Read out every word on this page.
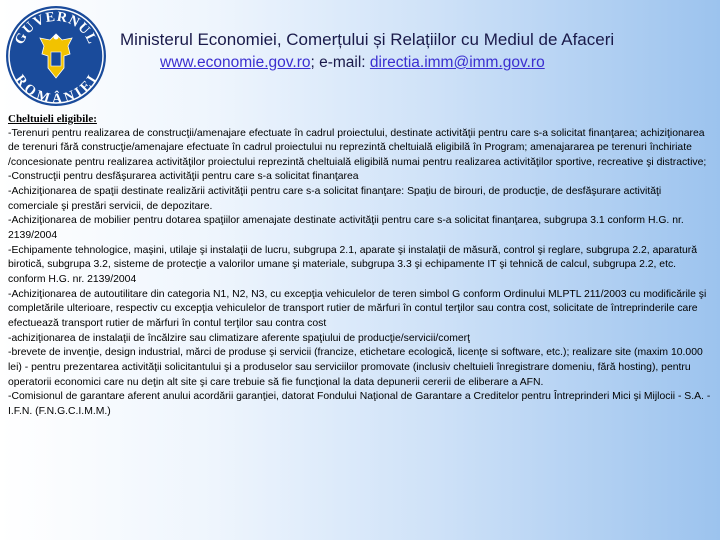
GUVERNUL
ROMÂNIEI
Ministerul Economiei, Comerțului și Relațiilor cu Mediul de Afaceri
www.economie.gov.ro; e-mail: directia.imm@imm.gov.ro
Cheltuieli eligibile:

-Terenuri pentru realizarea de construcţii/amenajare efectuate în cadrul proiectului, destinate activităţii pentru care s-a solicitat finanţarea; achiziţionarea de terenuri fără construcţie/amenajare efectuate în cadrul proiectului nu reprezintă cheltuială eligibilă în Program; amenajararea pe terenuri închiriate /concesionate pentru realizarea activităţilor proiectului reprezintă cheltuială eligibilă numai pentru realizarea activităţilor sportive, recreative şi distractive;

-Construcţii pentru desfăşurarea activităţii pentru care s-a solicitat finanţarea

-Achiziţionarea de spaţii destinate realizării activităţii pentru care s-a solicitat finanţare: Spaţiu de birouri, de producţie, de desfăşurare activităţi comerciale şi prestări servicii, de depozitare.

-Achiziţionarea de mobilier pentru dotarea spaţiilor amenajate destinate activităţii pentru care s-a solicitat finanţarea, subgrupa 3.1 conform H.G. nr. 2139/2004

-Echipamente tehnologice, maşini, utilaje şi instalaţii de lucru, subgrupa 2.1, aparate şi instalaţii de măsură, control şi reglare, subgrupa 2.2, aparatură birotică, subgrupa 3.2, sisteme de protecţie a valorilor umane şi materiale, subgrupa 3.3 şi echipamente IT şi tehnică de calcul, subgrupa 2.2, etc. conform H.G. nr. 2139/2004

-Achiziţionarea de autoutilitare din categoria N1, N2, N3, cu excepţia vehiculelor de teren simbol G conform Ordinului MLPTL 211/2003 cu modificările şi completările ulterioare, respectiv cu excepţia vehiculelor de transport rutier de mărfuri în contul terţilor sau contra cost, solicitate de întreprinderile care efectuează transport rutier de mărfuri în contul terţilor sau contra cost

-achiziţionarea de instalaţii de încălzire sau climatizare aferente spaţiului de producţie/servicii/comerţ

-brevete de invenţie, design industrial, mărci de produse şi servicii (francize, etichetare ecologică, licenţe si software, etc.); realizare site (maxim 10.000 lei) - pentru prezentarea activităţii solicitantului şi a produselor sau serviciilor promovate (inclusiv cheltuieli înregistrare domeniu, fără hosting), pentru operatorii economici care nu deţin alt site şi care trebuie să fie funcţional la data depunerii cererii de eliberare a AFN.

-Comisionul de garantare aferent anului acordării garanţiei, datorat Fondului Naţional de Garantare a Creditelor pentru Întreprinderi Mici şi Mijlocii - S.A. - I.F.N. (F.N.G.C.I.M.M.)
